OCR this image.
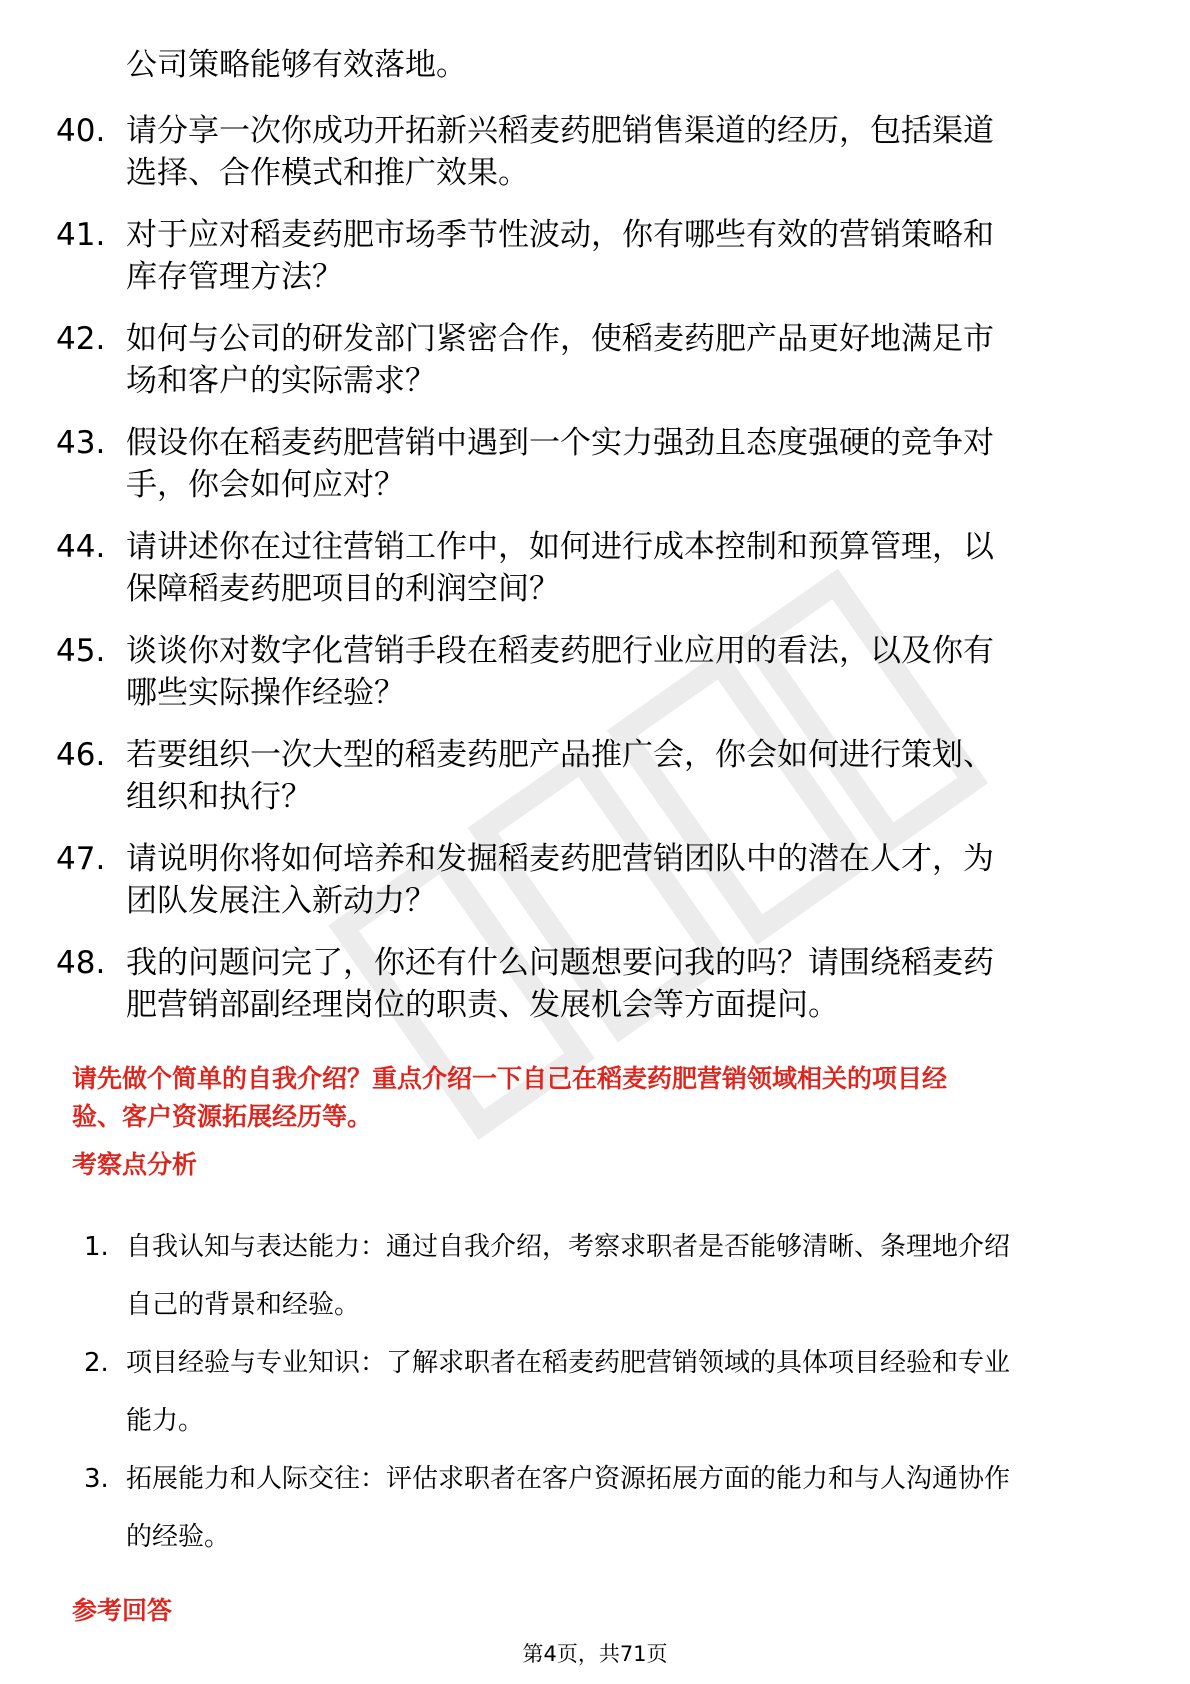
公司策略能够有效落地。
40. 请分享一次你成功开拓新兴稻麦药肥销售渠道的经历，包括渠道
选择、合作模式和推广效果。
41. 对于应对稻麦药肥市场季节性波动，你有哪些有效的营销策略和
库存管理方法？
42. 如何与公司的研发部门紧密合作，使稻麦药肥产品更好地满足市
场和客户的实际需求？
43. 假设你在稻麦药肥营销中遇到一个实力强劲且态度强硬的竞争对
手，你会如何应对？
44. 请讲述你在过往营销工作中，如何进行成本控制和预算管理，以
保障稻麦药肥项目的利润空间？
45. 谈谈你对数字化营销手段在稻麦药肥行业应用的看法，以及你有
哪些实际操作经验？
46. 若要组织一次大型的稻麦药肥产品推广会，你会如何进行策划、
组织和执行？
47. 请说明你将如何培养和发掘稻麦药肥营销团队中的潜在人才，为
团队发展注入新动力？
48. 我的问题问完了，你还有什么问题想要问我的吗？请围绕稻麦药
肥营销部副经理岗位的职责、发展机会等方面提问。
请先做个简单的自我介绍？重点介绍一下自己在稻麦药肥营销领域相关的项目经
验、客户资源拓展经历等。
考察点分析
1. 自我认知与表达能力：通过自我介绍，考察求职者是否能够清晰、条理地介绍
自己的背景和经验。
2. 项目经验与专业知识：了解求职者在稻麦药肥营销领域的具体项目经验和专业
能力。
3. 拓展能力和人际交往：评估求职者在客户资源拓展方面的能力和与人沟通协作
的经验。
参考回答
第4页，共71页
